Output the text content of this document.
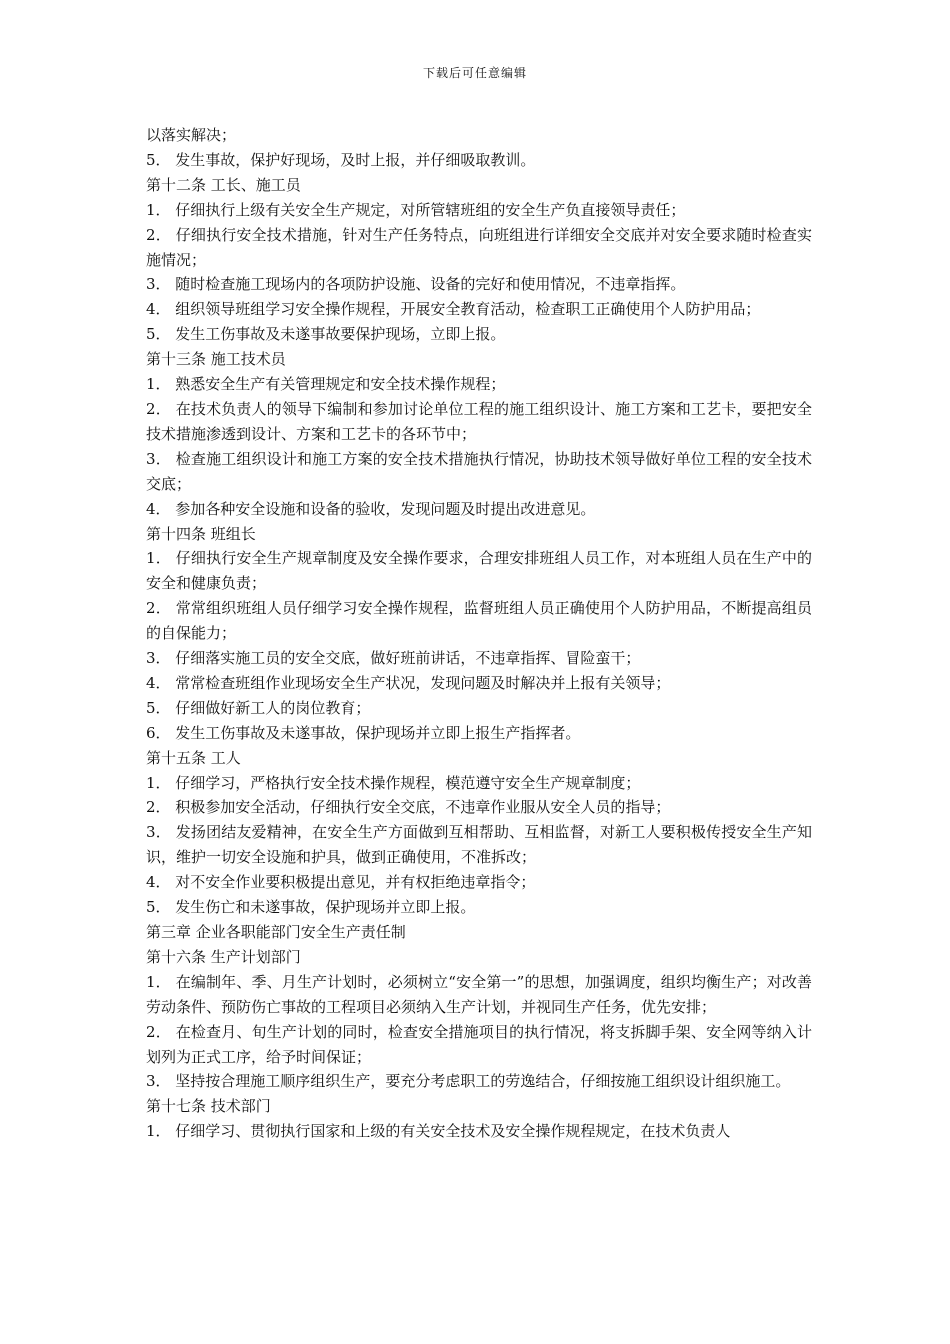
下载后可任意编辑

以落实解决；

5． 发生事故，保护好现场，及时上报，并仔细吸取教训。

第十二条 工长、施工员

1． 仔细执行上级有关安全生产规定，对所管辖班组的安全生产负直接领导责任；

2． 仔细执行安全技术措施，针对生产任务特点，向班组进行详细安全交底并对安全要求随时检查实施情况；

3． 随时检查施工现场内的各项防护设施、设备的完好和使用情况，不违章指挥。

4． 组织领导班组学习安全操作规程，开展安全教育活动，检查职工正确使用个人防护用品；

5． 发生工伤事故及未遂事故要保护现场，立即上报。

第十三条 施工技术员

1． 熟悉安全生产有关管理规定和安全技术操作规程；

2． 在技术负责人的领导下编制和参加讨论单位工程的施工组织设计、施工方案和工艺卡，要把安全技术措施渗透到设计、方案和工艺卡的各环节中；

3． 检查施工组织设计和施工方案的安全技术措施执行情况，协助技术领导做好单位工程的安全技术交底；

4． 参加各种安全设施和设备的验收，发现问题及时提出改进意见。

第十四条 班组长

1． 仔细执行安全生产规章制度及安全操作要求，合理安排班组人员工作，对本班组人员在生产中的安全和健康负责；

2． 常常组织班组人员仔细学习安全操作规程，监督班组人员正确使用个人防护用品，不断提高组员的自保能力；

3． 仔细落实施工员的安全交底，做好班前讲话，不违章指挥、冒险蛮干；

4． 常常检查班组作业现场安全生产状况，发现问题及时解决并上报有关领导；

5． 仔细做好新工人的岗位教育；

6． 发生工伤事故及未遂事故，保护现场并立即上报生产指挥者。

第十五条 工人

1． 仔细学习，严格执行安全技术操作规程，模范遵守安全生产规章制度；

2． 积极参加安全活动，仔细执行安全交底，不违章作业服从安全人员的指导；

3． 发扬团结友爱精神，在安全生产方面做到互相帮助、互相监督，对新工人要积极传授安全生产知识，维护一切安全设施和护具，做到正确使用，不准拆改；

4． 对不安全作业要积极提出意见，并有权拒绝违章指令；

5． 发生伤亡和未遂事故，保护现场并立即上报。

第三章 企业各职能部门安全生产责任制

第十六条 生产计划部门

1． 在编制年、季、月生产计划时，必须树立“安全第一”的思想，加强调度，组织均衡生产；对改善劳动条件、预防伤亡事故的工程项目必须纳入生产计划，并视同生产任务，优先安排；

2． 在检查月、旬生产计划的同时，检查安全措施项目的执行情况，将支拆脚手架、安全网等纳入计划列为正式工序，给予时间保证；

3． 坚持按合理施工顺序组织生产，要充分考虑职工的劳逸结合，仔细按施工组织设计组织施工。

第十七条 技术部门

1． 仔细学习、贯彻执行国家和上级的有关安全技术及安全操作规程规定，在技术负责人
